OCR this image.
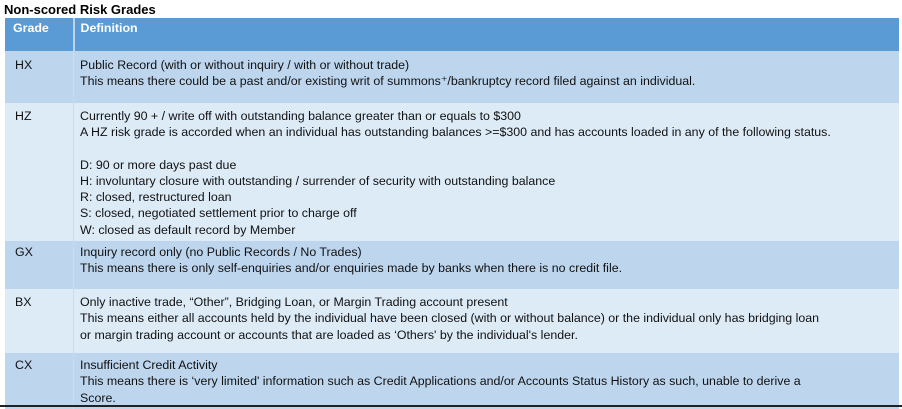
Non-scored Risk Grades
Grade	Definition
HX	Public Record (with or without inquiry / with or without trade)
This means there could be a past and/or existing writ of summons⁺/bankruptcy record filed against an individual.

HZ	Currently 90 + / write off with outstanding balance greater than or equals to $300
A HZ risk grade is accorded when an individual has outstanding balances >=$300 and has accounts loaded in any of the following status.
D: 90 or more days past due
H: involuntary closure with outstanding / surrender of security with outstanding balance
R: closed, restructured loan
S: closed, negotiated settlement prior to charge off
W: closed as default record by Member

GX	Inquiry record only (no Public Records / No Trades)
This means there is only self-enquiries and/or enquiries made by banks when there is no credit file.

BX	Only inactive trade, “Other”, Bridging Loan, or Margin Trading account present
This means either all accounts held by the individual have been closed (with or without balance) or the individual only has bridging loan
or margin trading account or accounts that are loaded as ‘Others' by the individual's lender.

CX	Insufficient Credit Activity
This means there is ‘very limited' information such as Credit Applications and/or Accounts Status History as such, unable to derive a
Score.
